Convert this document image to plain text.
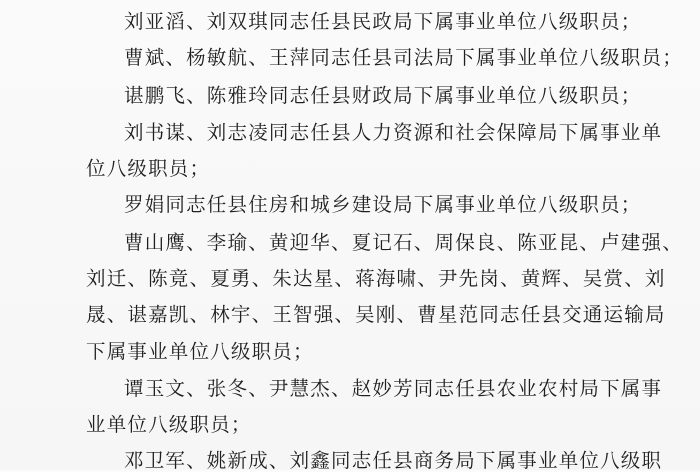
刘亚滔、刘双琪同志任县民政局下属事业单位八级职员；
曹斌、杨敏航、王萍同志任县司法局下属事业单位八级职员；
谌鹏飞、陈雅玲同志任县财政局下属事业单位八级职员；
刘书谋、刘志凌同志任县人力资源和社会保障局下属事业单
位八级职员；
罗娟同志任县住房和城乡建设局下属事业单位八级职员；
曹山鹰、李瑜、黄迎华、夏记石、周保良、陈亚昆、卢建强、
刘迁、陈竟、夏勇、朱达星、蒋海啸、尹先岗、黄辉、吴赏、刘
晟、谌嘉凯、林宇、王智强、吴刚、曹星范同志任县交通运输局
下属事业单位八级职员；
谭玉文、张冬、尹慧杰、赵妙芳同志任县农业农村局下属事
业单位八级职员；
邓卫军、姚新成、刘鑫同志任县商务局下属事业单位八级职
